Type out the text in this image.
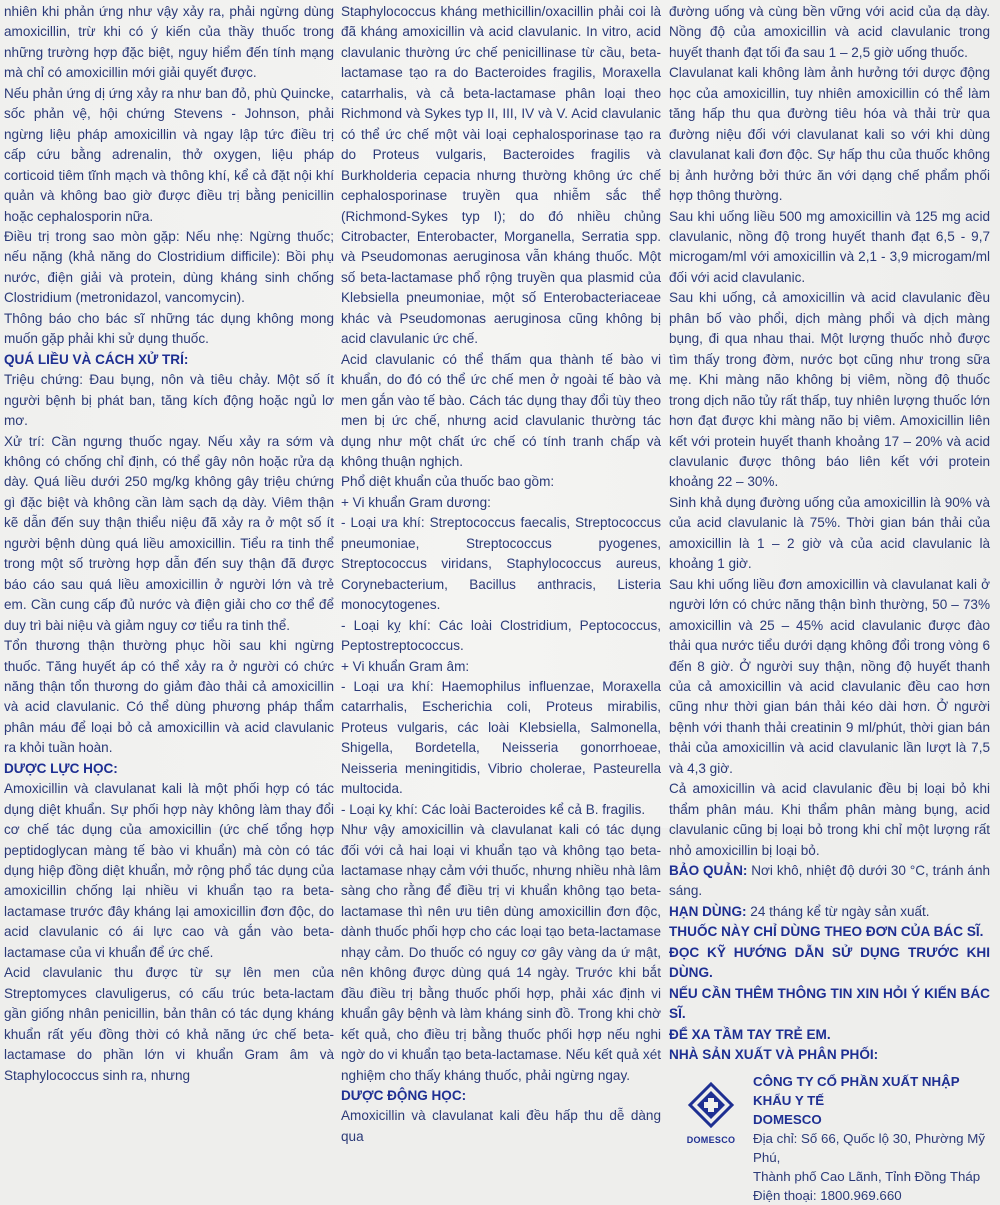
nhiên khi phản ứng như vậy xảy ra, phải ngừng dùng amoxicillin, trừ khi có ý kiến của thầy thuốc trong những trường hợp đặc biệt, nguy hiểm đến tính mạng mà chỉ có amoxicillin mới giải quyết được.

Nếu phản ứng dị ứng xảy ra như ban đỏ, phù Quincke, sốc phản vệ, hội chứng Stevens - Johnson, phải ngừng liệu pháp amoxicillin và ngay lập tức điều trị cấp cứu bằng adrenalin, thở oxygen, liệu pháp corticoid tiêm tĩnh mạch và thông khí, kể cả đặt nội khí quản và không bao giờ được điều trị bằng penicillin hoặc cephalosporin nữa.

Điều trị trong sao mòn gặp: Nếu nhẹ: Ngừng thuốc; nếu nặng (khả năng do Clostridium difficile): Bồi phụ nước, điện giải và protein, dùng kháng sinh chống Clostridium (metronidazol, vancomycin).

Thông báo cho bác sĩ những tác dụng không mong muốn gặp phải khi sử dụng thuốc.

QUÁ LIỀU VÀ CÁCH XỬ TRÍ:

Triệu chứng: Đau bụng, nôn và tiêu chảy. Một số ít người bệnh bị phát ban, tăng kích động hoặc ngủ lơ mơ.

Xử trí: Cần ngưng thuốc ngay. Nếu xảy ra sớm và không có chống chỉ định, có thể gây nôn hoặc rửa dạ dày. Quá liều dưới 250 mg/kg không gây triệu chứng gì đặc biệt và không cần làm sạch dạ dày. Viêm thận kẽ dẫn đến suy thận thiểu niệu đã xảy ra ở một số ít người bệnh dùng quá liều amoxicillin. Tiểu ra tinh thể trong một số trường hợp dẫn đến suy thận đã được báo cáo sau quá liều amoxicillin ở người lớn và trẻ em. Cần cung cấp đủ nước và điện giải cho cơ thể để duy trì bài niệu và giảm nguy cơ tiểu ra tinh thể.

Tổn thương thận thường phục hồi sau khi ngừng thuốc. Tăng huyết áp có thể xảy ra ở người có chức năng thận tổn thương do giảm đào thải cả amoxicillin và acid clavulanic. Có thể dùng phương pháp thẩm phân máu để loại bỏ cả amoxicillin và acid clavulanic ra khỏi tuần hoàn.

DƯỢC LỰC HỌC:

Amoxicillin và clavulanat kali là một phối hợp có tác dụng diệt khuẩn. Sự phối hợp này không làm thay đổi cơ chế tác dụng của amoxicillin (ức chế tổng hợp peptidoglycan màng tế bào vi khuẩn) mà còn có tác dụng hiệp đồng diệt khuẩn, mở rộng phổ tác dụng của amoxicillin chống lại nhiều vi khuẩn tạo ra beta-lactamase trước đây kháng lại amoxicillin đơn độc, do acid clavulanic có ái lực cao và gắn vào beta-lactamase của vi khuẩn để ức chế.

Acid clavulanic thu được từ sự lên men của Streptomyces clavuligerus, có cấu trúc beta-lactam gần giống nhân penicillin, bản thân có tác dụng kháng khuẩn rất yếu đồng thời có khả năng ức chế beta-lactamase do phần lớn vi khuẩn Gram âm và Staphylococcus sinh ra, nhưng

Staphylococcus kháng methicillin/oxacillin phải coi là đã kháng amoxicillin và acid clavulanic. In vitro, acid clavulanic thường ức chế penicillinase từ cầu, beta-lactamase tạo ra do Bacteroides fragilis, Moraxella catarrhalis, và cả beta-lactamase phân loại theo Richmond và Sykes typ II, III, IV và V. Acid clavulanic có thể ức chế một vài loại cephalosporinase tạo ra do Proteus vulgaris, Bacteroides fragilis và Burkholderia cepacia nhưng thường không ức chế cephalosporinase truyền qua nhiễm sắc thể (Richmond-Sykes typ I); do đó nhiều chủng Citrobacter, Enterobacter, Morganella, Serratia spp. và Pseudomonas aeruginosa vẫn kháng thuốc. Một số beta-lactamase phổ rộng truyền qua plasmid của Klebsiella pneumoniae, một số Enterobacteriaceae khác và Pseudomonas aeruginosa cũng không bị acid clavulanic ức chế.

Acid clavulanic có thể thấm qua thành tế bào vi khuẩn, do đó có thể ức chế men ở ngoài tế bào và men gắn vào tế bào. Cách tác dụng thay đổi tùy theo men bị ức chế, nhưng acid clavulanic thường tác dụng như một chất ức chế có tính tranh chấp và không thuận nghịch.

Phổ diệt khuẩn của thuốc bao gồm:

+ Vi khuẩn Gram dương:

- Loại ưa khí: Streptococcus faecalis, Streptococcus pneumoniae, Streptococcus pyogenes, Streptococcus viridans, Staphylococcus aureus, Corynebacterium, Bacillus anthracis, Listeria monocytogenes.

- Loại kỵ khí: Các loài Clostridium, Peptococcus, Peptostreptococcus.

+ Vi khuẩn Gram âm:

- Loại ưa khí: Haemophilus influenzae, Moraxella catarrhalis, Escherichia coli, Proteus mirabilis, Proteus vulgaris, các loài Klebsiella, Salmonella, Shigella, Bordetella, Neisseria gonorrhoeae, Neisseria meningitidis, Vibrio cholerae, Pasteurella multocida.

- Loại kỵ khí: Các loài Bacteroides kể cả B. fragilis.

Như vậy amoxicillin và clavulanat kali có tác dụng đối với cả hai loại vi khuẩn tạo và không tạo beta-lactamase nhạy cảm với thuốc, nhưng nhiều nhà lâm sàng cho rằng để điều trị vi khuẩn không tạo beta-lactamase thì nên ưu tiên dùng amoxicillin đơn độc, dành thuốc phối hợp cho các loại tạo beta-lactamase nhạy cảm. Do thuốc có nguy cơ gây vàng da ứ mật, nên không được dùng quá 14 ngày. Trước khi bắt đầu điều trị bằng thuốc phối hợp, phải xác định vi khuẩn gây bệnh và làm kháng sinh đồ. Trong khi chờ kết quả, cho điều trị bằng thuốc phối hợp nếu nghi ngờ do vi khuẩn tạo beta-lactamase. Nếu kết quả xét nghiệm cho thấy kháng thuốc, phải ngừng ngay.

DƯỢC ĐỘNG HỌC:

Amoxicillin và clavulanat kali đều hấp thu dễ dàng qua

đường uống và cùng bền vững với acid của dạ dày. Nồng độ của amoxicillin và acid clavulanic trong huyết thanh đạt tối đa sau 1 – 2,5 giờ uống thuốc.

Clavulanat kali không làm ảnh hưởng tới dược động học của amoxicillin, tuy nhiên amoxicillin có thể làm tăng hấp thu qua đường tiêu hóa và thải trừ qua đường niệu đối với clavulanat kali so với khi dùng clavulanat kali đơn độc. Sự hấp thu của thuốc không bị ảnh hưởng bởi thức ăn với dạng chế phẩm phối hợp thông thường.

Sau khi uống liều 500 mg amoxicillin và 125 mg acid clavulanic, nồng độ trong huyết thanh đạt 6,5 - 9,7 microgam/ml với amoxicillin và 2,1 - 3,9 microgam/ml đối với acid clavulanic.

Sau khi uống, cả amoxicillin và acid clavulanic đều phân bố vào phổi, dịch màng phổi và dịch màng bụng, đi qua nhau thai. Một lượng thuốc nhỏ được tìm thấy trong đờm, nước bọt cũng như trong sữa mẹ. Khi màng não không bị viêm, nồng độ thuốc trong dịch não tủy rất thấp, tuy nhiên lượng thuốc lớn hơn đạt được khi màng não bị viêm. Amoxicillin liên kết với protein huyết thanh khoảng 17 – 20% và acid clavulanic được thông báo liên kết với protein khoảng 22 – 30%.

Sinh khả dụng đường uống của amoxicillin là 90% và của acid clavulanic là 75%. Thời gian bán thải của amoxicillin là 1 – 2 giờ và của acid clavulanic là khoảng 1 giờ.

Sau khi uống liều đơn amoxicillin và clavulanat kali ở người lớn có chức năng thận bình thường, 50 – 73% amoxicillin và 25 – 45% acid clavulanic được đào thải qua nước tiểu dưới dạng không đổi trong vòng 6 đến 8 giờ. Ở người suy thận, nồng độ huyết thanh của cả amoxicillin và acid clavulanic đều cao hơn cũng như thời gian bán thải kéo dài hơn. Ở người bệnh với thanh thải creatinin 9 ml/phút, thời gian bán thải của amoxicillin và acid clavulanic lần lượt là 7,5 và 4,3 giờ.

Cả amoxicillin và acid clavulanic đều bị loại bỏ khi thẩm phân máu. Khi thẩm phân màng bụng, acid clavulanic cũng bị loại bỏ trong khi chỉ một lượng rất nhỏ amoxicillin bị loại bỏ.

BẢO QUẢN: Nơi khô, nhiệt độ dưới 30 °C, tránh ánh sáng.

HẠN DÙNG: 24 tháng kể từ ngày sản xuất.

THUỐC NÀY CHỈ DÙNG THEO ĐƠN CỦA BÁC SĨ.

ĐỌC KỸ HƯỚNG DẪN SỬ DỤNG TRƯỚC KHI DÙNG.

NẾU CẦN THÊM THÔNG TIN XIN HỎI Ý KIẾN BÁC SĨ.

ĐỂ XA TẦM TAY TRẺ EM.

NHÀ SẢN XUẤT VÀ PHÂN PHỐI:

DOMESCO
CÔNG TY CỔ PHẦN XUẤT NHẬP KHẨU Y TẾ
DOMESCO
Địa chỉ: Số 66, Quốc lộ 30, Phường Mỹ Phú,
Thành phố Cao Lãnh, Tỉnh Đồng Tháp
Điện thoại: 1800.969.660
